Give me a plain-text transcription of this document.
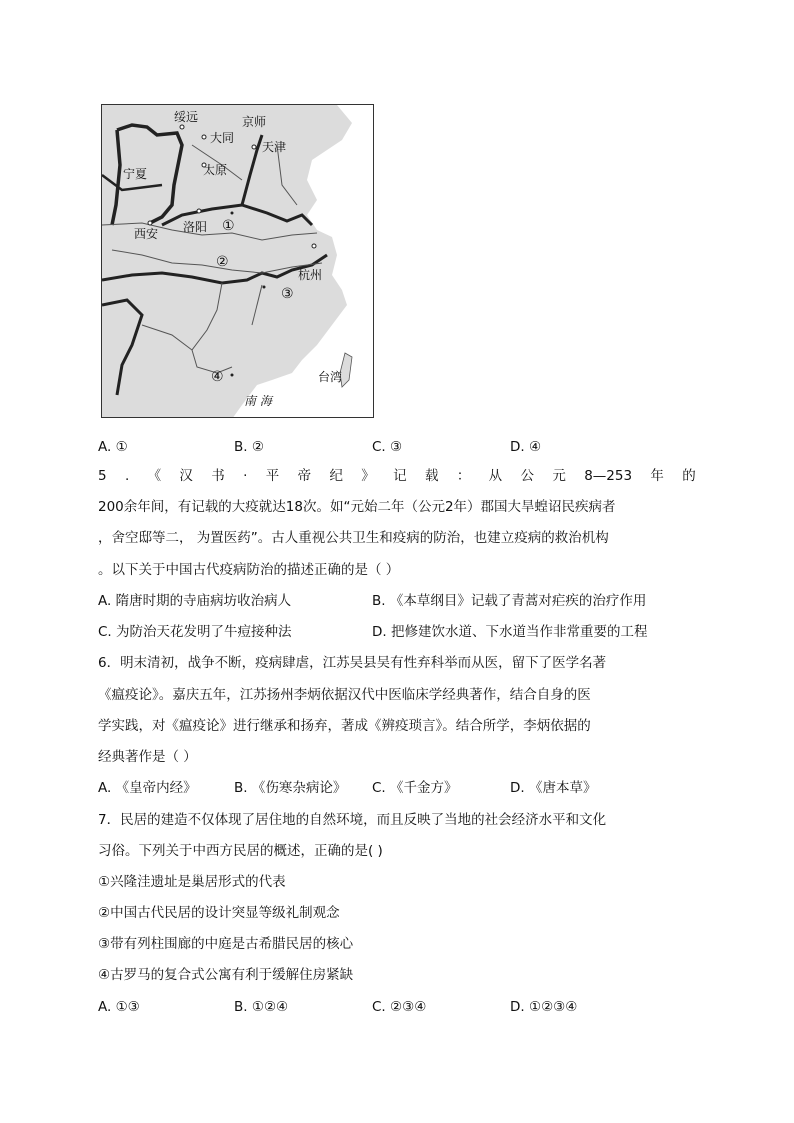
绥远	京师
大同
天津
宁夏	太原
洛阳
西安
杭州
台湾
南 海
①
②
③
④
A. ①	B. ②	C. ③	D. ④
5 . 《 汉 书 · 平 帝 纪 》 记 载 ： 从 公 元 8—253 年 的
200余年间，有记载的大疫就达18次。如“元始二年（公元2年）郡国大旱蝗诏民疾病者
，舍空邸等二， 为置医药”。古人重视公共卫生和疫病的防治，也建立疫病的救治机构
。以下关于中国古代疫病防治的描述正确的是（ ）
A. 隋唐时期的寺庙病坊收治病人	B. 《本草纲目》记载了青蒿对疟疾的治疗作用
C. 为防治天花发明了牛痘接种法	D. 把修建饮水道、下水道当作非常重要的工程
6．明末清初，战争不断，疫病肆虐，江苏吴县吴有性弃科举而从医，留下了医学名著
《瘟疫论》。嘉庆五年，江苏扬州李炳依据汉代中医临床学经典著作，结合自身的医
学实践，对《瘟疫论》进行继承和扬弃，著成《辨疫琐言》。结合所学，李炳依据的
经典著作是（ ）
A. 《皇帝内经》	B. 《伤寒杂病论》 C. 《千金方》	D. 《唐本草》
7．民居的建造不仅体现了居住地的自然环境，而且反映了当地的社会经济水平和文化
习俗。下列关于中西方民居的概述，正确的是( )
①兴隆洼遗址是巢居形式的代表
②中国古代民居的设计突显等级礼制观念
③带有列柱围廊的中庭是古希腊民居的核心
④古罗马的复合式公寓有利于缓解住房紧缺
A. ①③	B. ①②④	C. ②③④	D. ①②③④
